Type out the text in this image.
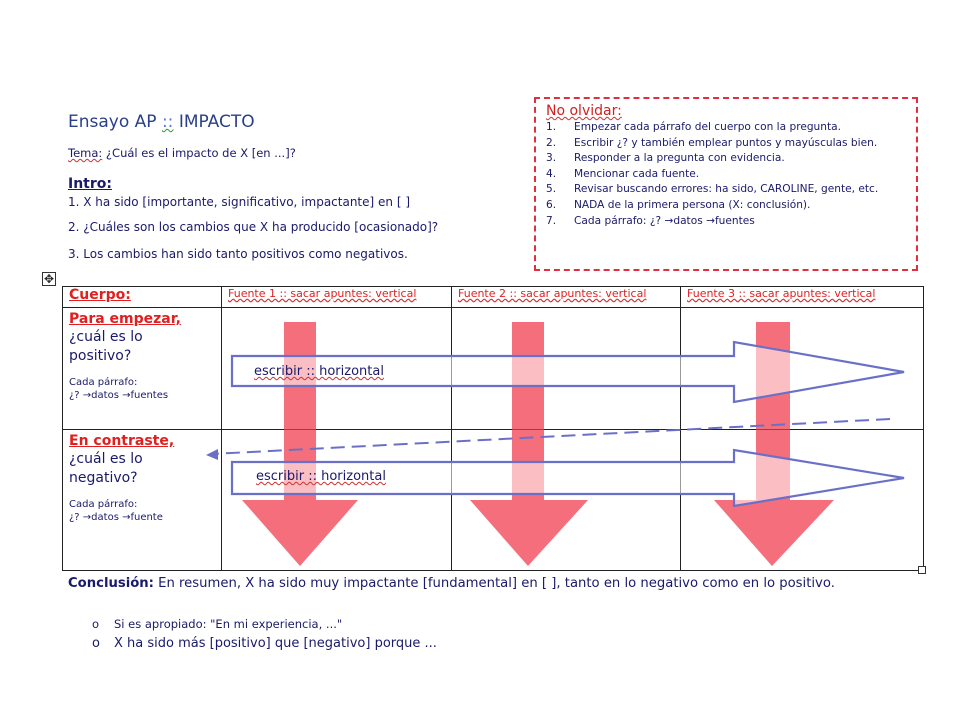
Ensayo AP :: IMPACTO
Tema: ¿Cuál es el impacto de X [en ...]?
Intro:
1. X ha sido [importante, significativo, impactante] en [ ]
2. ¿Cuáles son los cambios que X ha producido [ocasionado]?
3. Los cambios han sido tanto positivos como negativos.
No olvidar:
1.	Empezar cada párrafo del cuerpo con la pregunta.
2.	Escribir ¿? y también emplear puntos y mayúsculas bien.
3.	Responder a la pregunta con evidencia.
4.	Mencionar cada fuente.
5.	Revisar buscando errores: ha sido, CAROLINE, gente, etc.
6.	NADA de la primera persona (X: conclusión).
7.	Cada párrafo: ¿? →datos →fuentes
✥
Cuerpo:	Fuente 1 :: sacar apuntes: vertical	Fuente 2 :: sacar apuntes: vertical	Fuente 3 :: sacar apuntes: vertical

Para empezar,
¿cuál es lo
positivo?
Cada párrafo:
¿? →datos →fuentes			

En contraste,
¿cuál es lo
negativo?
Cada párrafo:
¿? →datos →fuente			

escribir :: horizontal
escribir :: horizontal
Conclusión: En resumen, X ha sido muy impactante [fundamental] en [ ], tanto en lo negativo como en lo positivo.
o Si es apropiado: "En mi experiencia, ..."
o X ha sido más [positivo] que [negativo] porque ...
